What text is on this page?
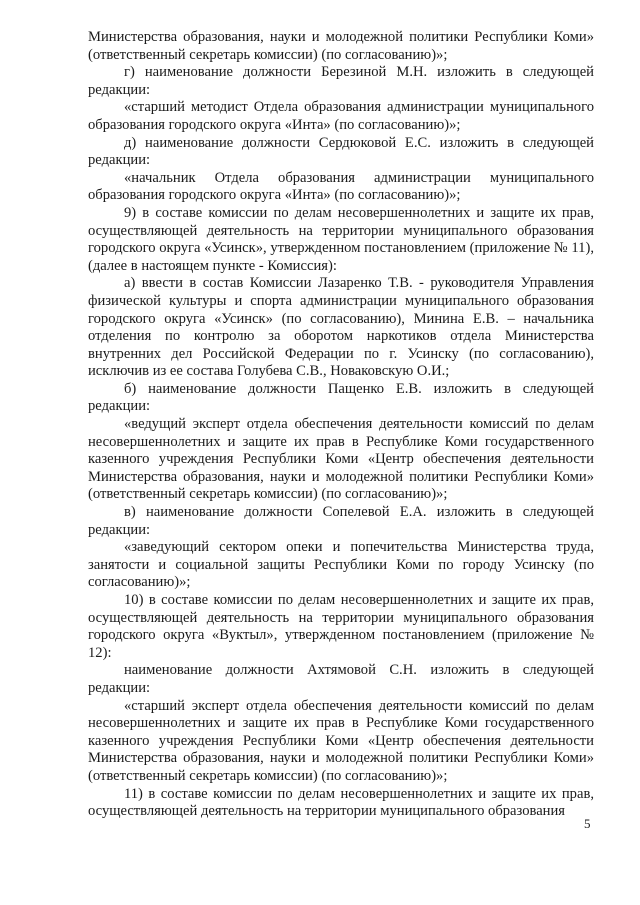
Министерства образования, науки и молодежной политики Республики Коми» (ответственный секретарь комиссии) (по согласованию)»;

г) наименование должности Березиной М.Н. изложить в следующей редакции:

«старший методист Отдела образования администрации муниципального образования городского округа «Инта» (по согласованию)»;

д) наименование должности Сердюковой Е.С. изложить в следующей редакции:

«начальник Отдела образования администрации муниципального образования городского округа «Инта» (по согласованию)»;

9) в составе комиссии по делам несовершеннолетних и защите их прав, осуществляющей деятельность на территории муниципального образования городского округа «Усинск», утвержденном постановлением (приложение № 11), (далее в настоящем пункте - Комиссия):

а) ввести в состав Комиссии Лазаренко Т.В. - руководителя Управления физической культуры и спорта администрации муниципального образования городского округа «Усинск» (по согласованию), Минина Е.В. – начальника отделения по контролю за оборотом наркотиков отдела Министерства внутренних дел Российской Федерации по г. Усинску (по согласованию), исключив из ее состава Голубева С.В., Новаковскую О.И.;

б) наименование должности Пащенко Е.В. изложить в следующей редакции:

«ведущий эксперт отдела обеспечения деятельности комиссий по делам несовершеннолетних и защите их прав в Республике Коми государственного казенного учреждения Республики Коми «Центр обеспечения деятельности Министерства образования, науки и молодежной политики Республики Коми» (ответственный секретарь комиссии) (по согласованию)»;

в) наименование должности Сопелевой Е.А. изложить в следующей редакции:

«заведующий сектором опеки и попечительства Министерства труда, занятости и социальной защиты Республики Коми по городу Усинску (по согласованию)»;

10) в составе комиссии по делам несовершеннолетних и защите их прав, осуществляющей деятельность на территории муниципального образования городского округа «Вуктыл», утвержденном постановлением (приложение № 12):

наименование должности Ахтямовой С.Н. изложить в следующей редакции:

«старший эксперт отдела обеспечения деятельности комиссий по делам несовершеннолетних и защите их прав в Республике Коми государственного казенного учреждения Республики Коми «Центр обеспечения деятельности Министерства образования, науки и молодежной политики Республики Коми» (ответственный секретарь комиссии) (по согласованию)»;

11) в составе комиссии по делам несовершеннолетних и защите их прав, осуществляющей деятельность на территории муниципального образования

5
